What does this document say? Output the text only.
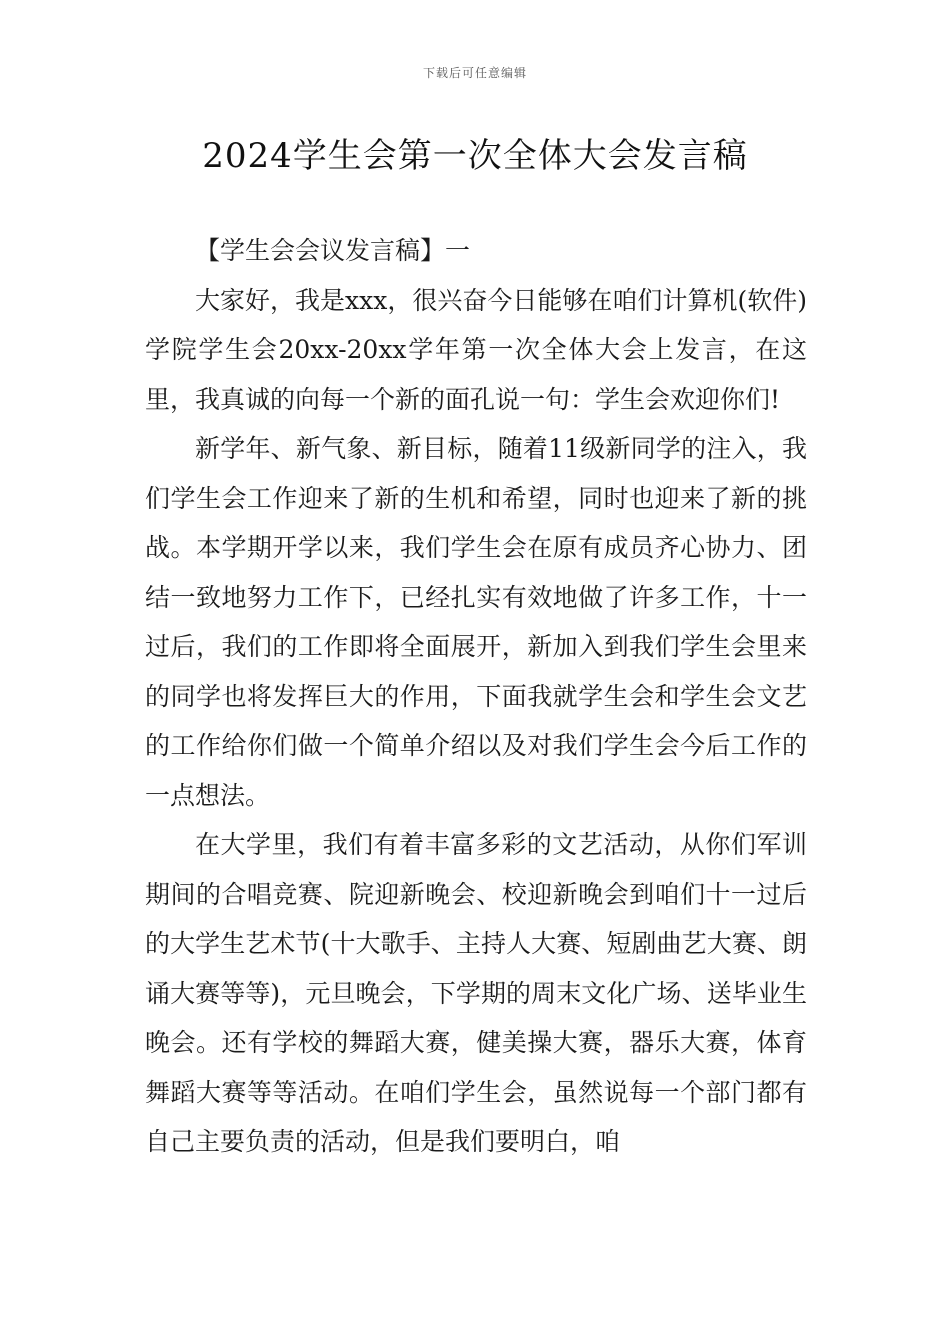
下载后可任意编辑
2024学生会第一次全体大会发言稿

【学生会会议发言稿】一

大家好，我是xxx，很兴奋今日能够在咱们计算机(软件)学院学生会20xx-20xx学年第一次全体大会上发言，在这里，我真诚的向每一个新的面孔说一句：学生会欢迎你们!

新学年、新气象、新目标，随着11级新同学的注入，我们学生会工作迎来了新的生机和希望，同时也迎来了新的挑战。本学期开学以来，我们学生会在原有成员齐心协力、团结一致地努力工作下，已经扎实有效地做了许多工作，十一过后，我们的工作即将全面展开，新加入到我们学生会里来的同学也将发挥巨大的作用，下面我就学生会和学生会文艺的工作给你们做一个简单介绍以及对我们学生会今后工作的一点想法。

在大学里，我们有着丰富多彩的文艺活动，从你们军训期间的合唱竞赛、院迎新晚会、校迎新晚会到咱们十一过后的大学生艺术节(十大歌手、主持人大赛、短剧曲艺大赛、朗诵大赛等等)，元旦晚会，下学期的周末文化广场、送毕业生晚会。还有学校的舞蹈大赛，健美操大赛，器乐大赛，体育舞蹈大赛等等活动。在咱们学生会，虽然说每一个部门都有自己主要负责的活动，但是我们要明白，咱
